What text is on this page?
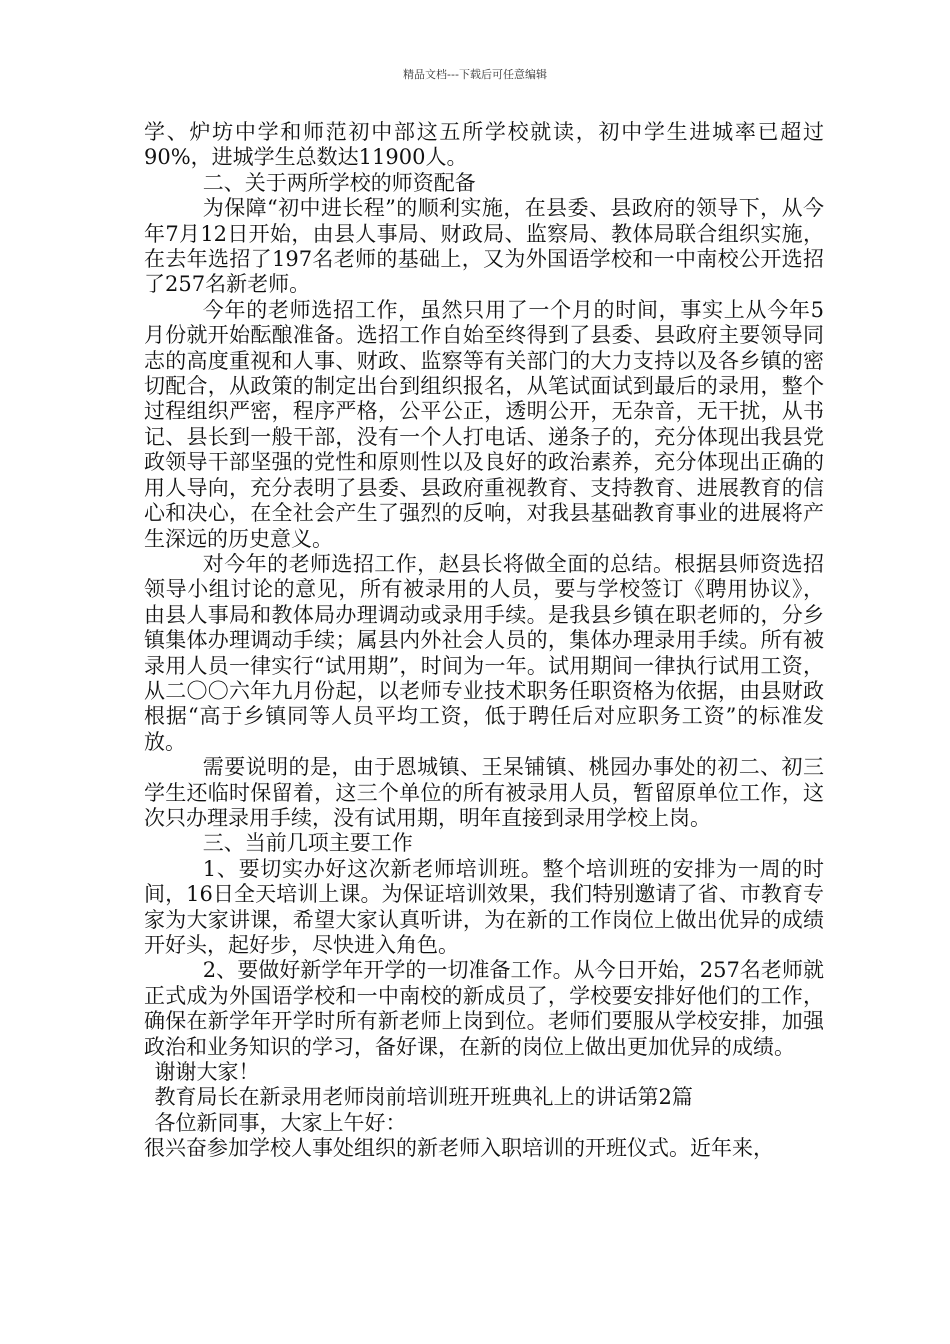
精品文档---下载后可任意编辑

学、炉坊中学和师范初中部这五所学校就读，初中学生进城率已超过90%，进城学生总数达11900人。

二、关于两所学校的师资配备

为保障“初中进长程”的顺利实施，在县委、县政府的领导下，从今年7月12日开始，由县人事局、财政局、监察局、教体局联合组织实施，在去年选招了197名老师的基础上，又为外国语学校和一中南校公开选招了257名新老师。

今年的老师选招工作，虽然只用了一个月的时间，事实上从今年5月份就开始酝酿准备。选招工作自始至终得到了县委、县政府主要领导同志的高度重视和人事、财政、监察等有关部门的大力支持以及各乡镇的密切配合，从政策的制定出台到组织报名，从笔试面试到最后的录用，整个过程组织严密，程序严格，公平公正，透明公开，无杂音，无干扰，从书记、县长到一般干部，没有一个人打电话、递条子的，充分体现出我县党政领导干部坚强的党性和原则性以及良好的政治素养，充分体现出正确的用人导向，充分表明了县委、县政府重视教育、支持教育、进展教育的信心和决心，在全社会产生了强烈的反响，对我县基础教育事业的进展将产生深远的历史意义。

对今年的老师选招工作，赵县长将做全面的总结。根据县师资选招领导小组讨论的意见，所有被录用的人员，要与学校签订《聘用协议》，由县人事局和教体局办理调动或录用手续。是我县乡镇在职老师的，分乡镇集体办理调动手续；属县内外社会人员的，集体办理录用手续。所有被录用人员一律实行“试用期”，时间为一年。试用期间一律执行试用工资，从二〇〇六年九月份起，以老师专业技术职务任职资格为依据，由县财政根据“高于乡镇同等人员平均工资，低于聘任后对应职务工资”的标准发放。

需要说明的是，由于恩城镇、王杲铺镇、桃园办事处的初二、初三学生还临时保留着，这三个单位的所有被录用人员，暂留原单位工作，这次只办理录用手续，没有试用期，明年直接到录用学校上岗。

三、当前几项主要工作

1、要切实办好这次新老师培训班。整个培训班的安排为一周的时间，16日全天培训上课。为保证培训效果，我们特别邀请了省、市教育专家为大家讲课，希望大家认真听讲，为在新的工作岗位上做出优异的成绩开好头，起好步，尽快进入角色。

2、要做好新学年开学的一切准备工作。从今日开始，257名老师就正式成为外国语学校和一中南校的新成员了，学校要安排好他们的工作，确保在新学年开学时所有新老师上岗到位。老师们要服从学校安排，加强政治和业务知识的学习，备好课，在新的岗位上做出更加优异的成绩。

谢谢大家！

教育局长在新录用老师岗前培训班开班典礼上的讲话第2篇

各位新同事，大家上午好：

很兴奋参加学校人事处组织的新老师入职培训的开班仪式。近年来，
